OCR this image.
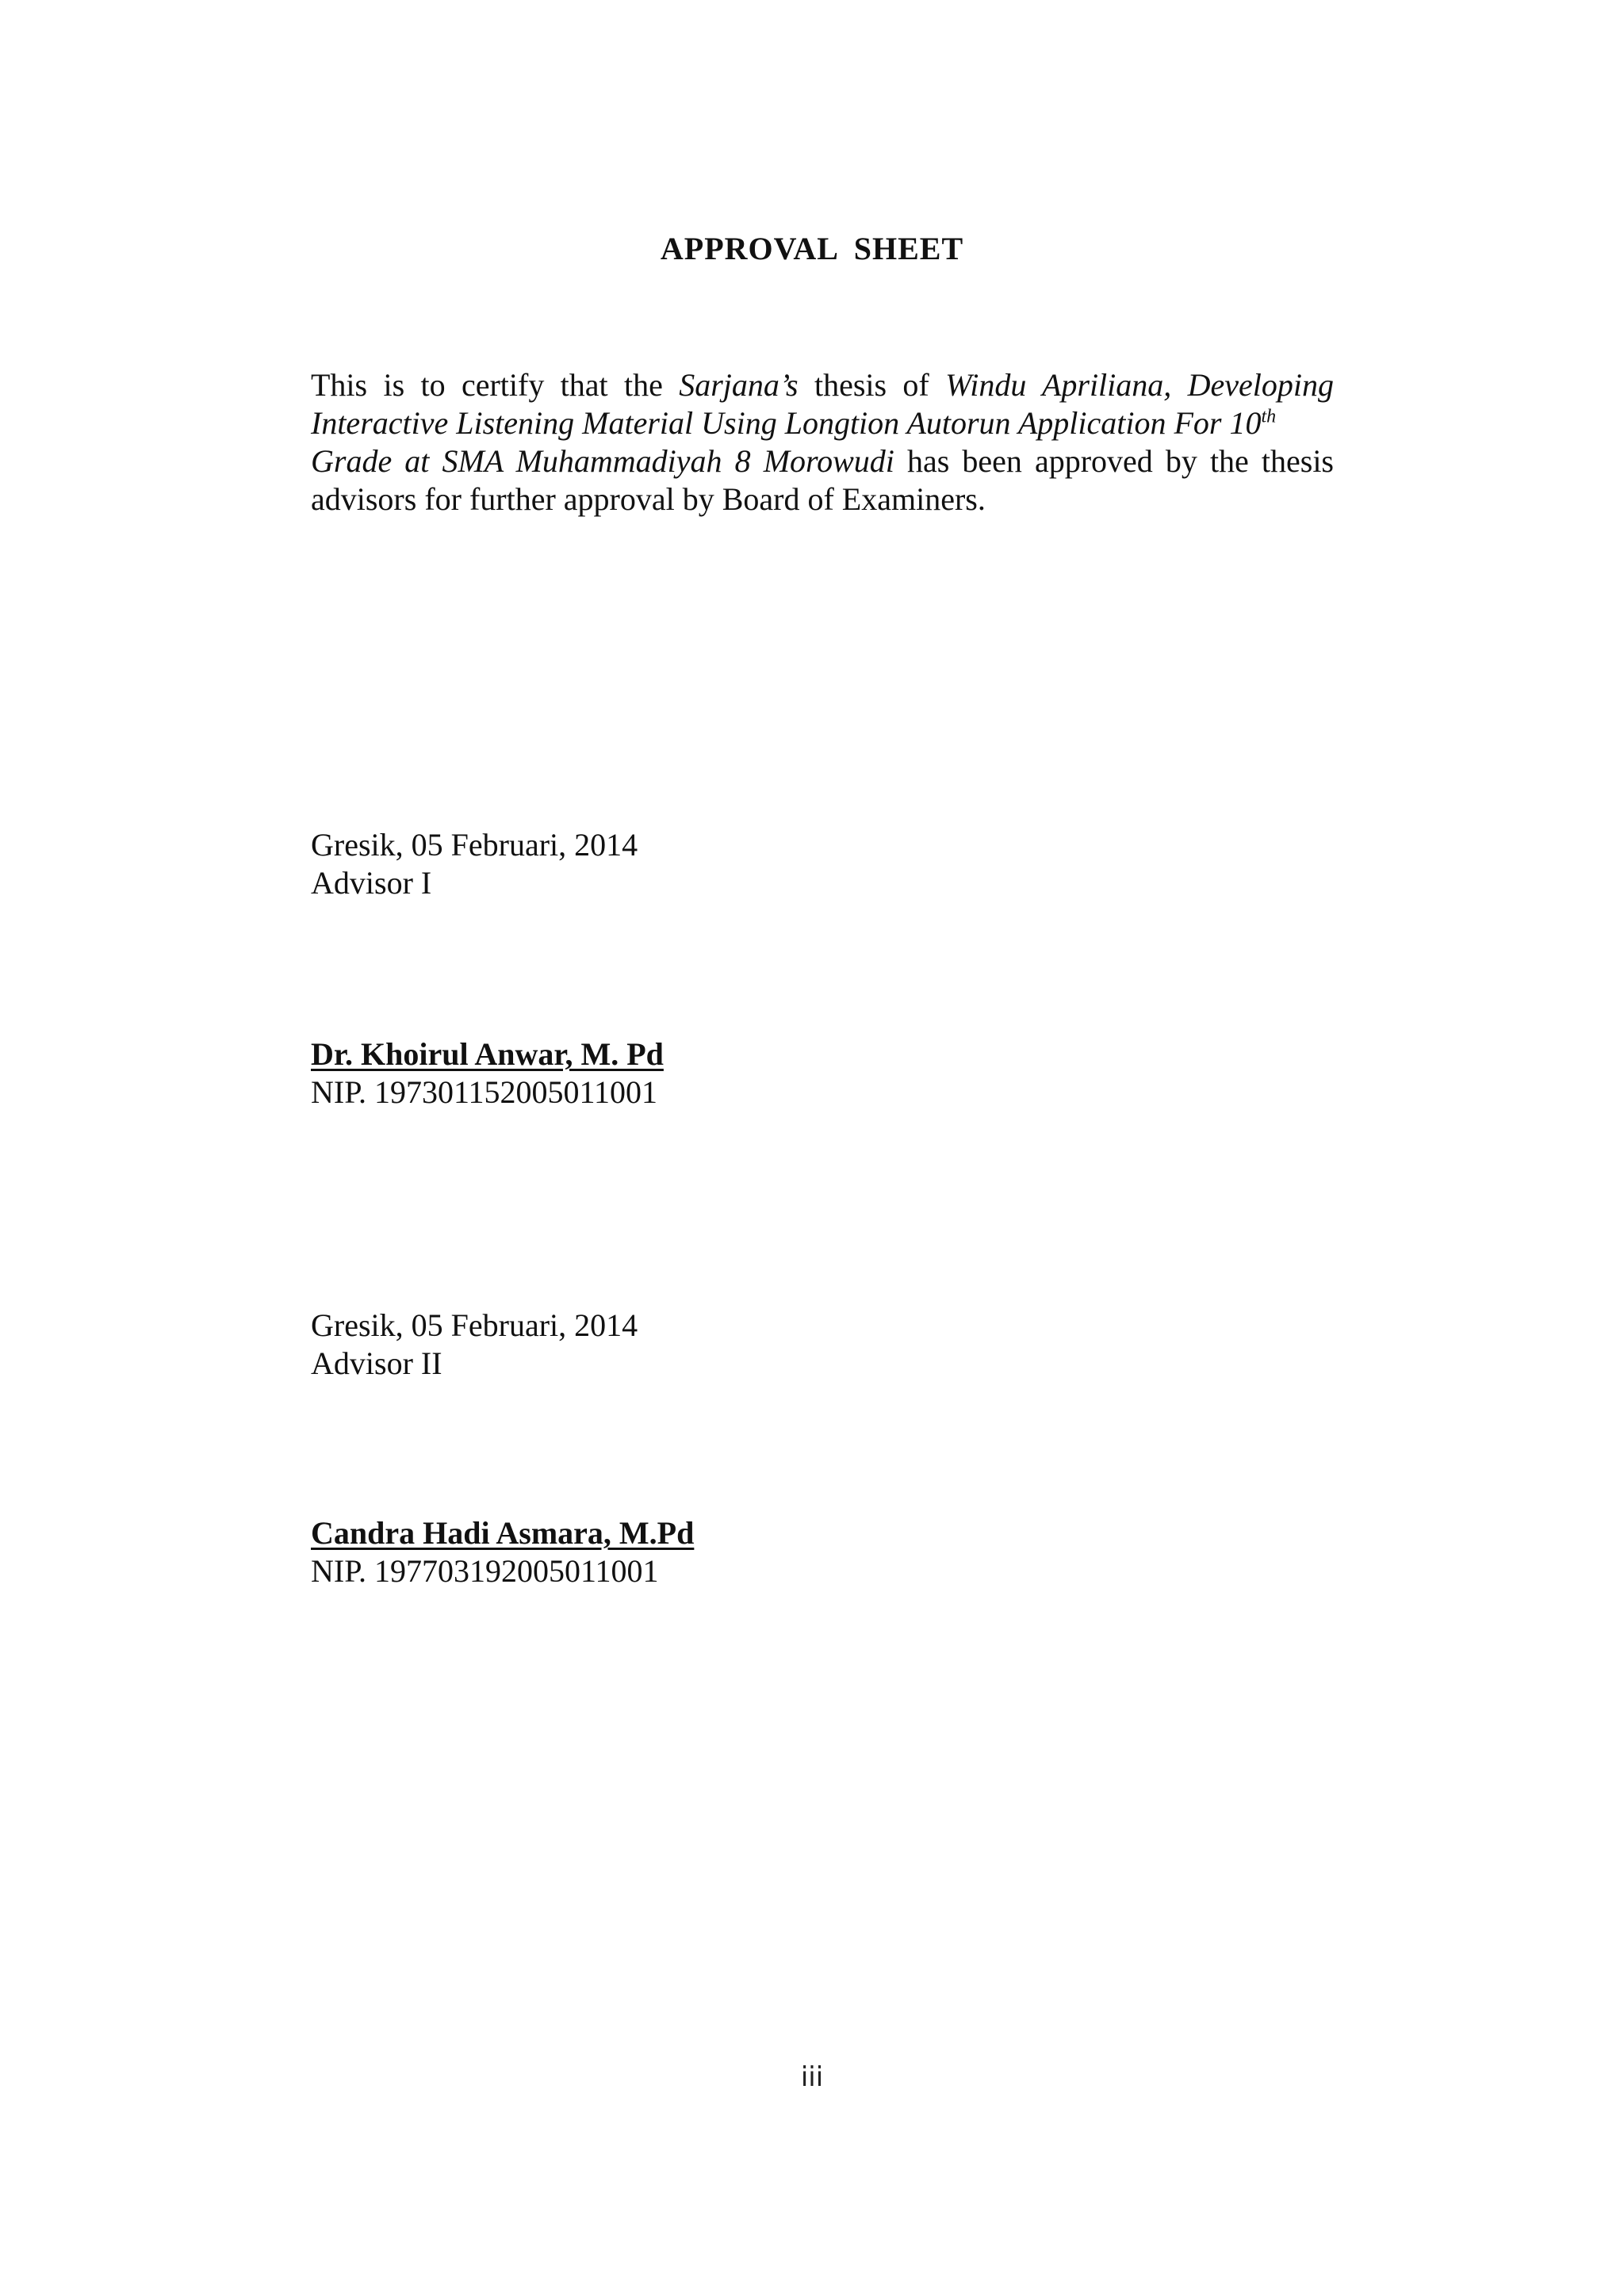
APPROVAL SHEET
This is to certify that the Sarjana’s thesis of Windu Apriliana, Developing
Interactive Listening Material Using Longtion Autorun Application For 10th
Grade at SMA Muhammadiyah 8 Morowudi has been approved by the thesis
advisors for further approval by Board of Examiners.
Gresik, 05 Februari, 2014
Advisor I
Dr. Khoirul Anwar, M. Pd
NIP. 197301152005011001
Gresik, 05 Februari, 2014
Advisor II
Candra Hadi Asmara, M.Pd
NIP. 197703192005011001
iii
